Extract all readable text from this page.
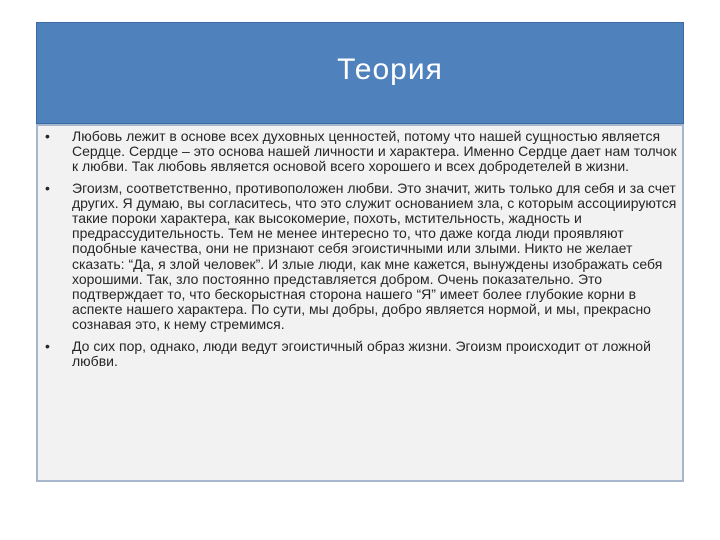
Теория
• Любовь лежит в основе всех духовных ценностей, потому что нашей сущностью является Сердце. Сердце – это основа нашей личности и характера. Именно Сердце дает нам толчок к любви. Так любовь является основой всего хорошего и всех добродетелей в жизни.
• Эгоизм, соответственно, противоположен любви. Это значит, жить только для себя и за счет других. Я думаю, вы согласитесь, что это служит основанием зла, с которым ассоциируются такие пороки характера, как высокомерие, похоть, мстительность, жадность и предрассудительность. Тем не менее интересно то, что даже когда люди проявляют подобные качества, они не признают себя эгоистичными или злыми. Никто не желает сказать: “Да, я злой человек”. И злые люди, как мне кажется, вынуждены изображать себя хорошими. Так, зло постоянно представляется добром. Очень показательно. Это подтверждает то, что бескорыстная сторона нашего “Я” имеет более глубокие корни в аспекте нашего характера. По сути, мы добры, добро является нормой, и мы, прекрасно сознавая это, к нему стремимся.
• До сих пор, однако, люди ведут эгоистичный образ жизни. Эгоизм происходит от ложной любви.
